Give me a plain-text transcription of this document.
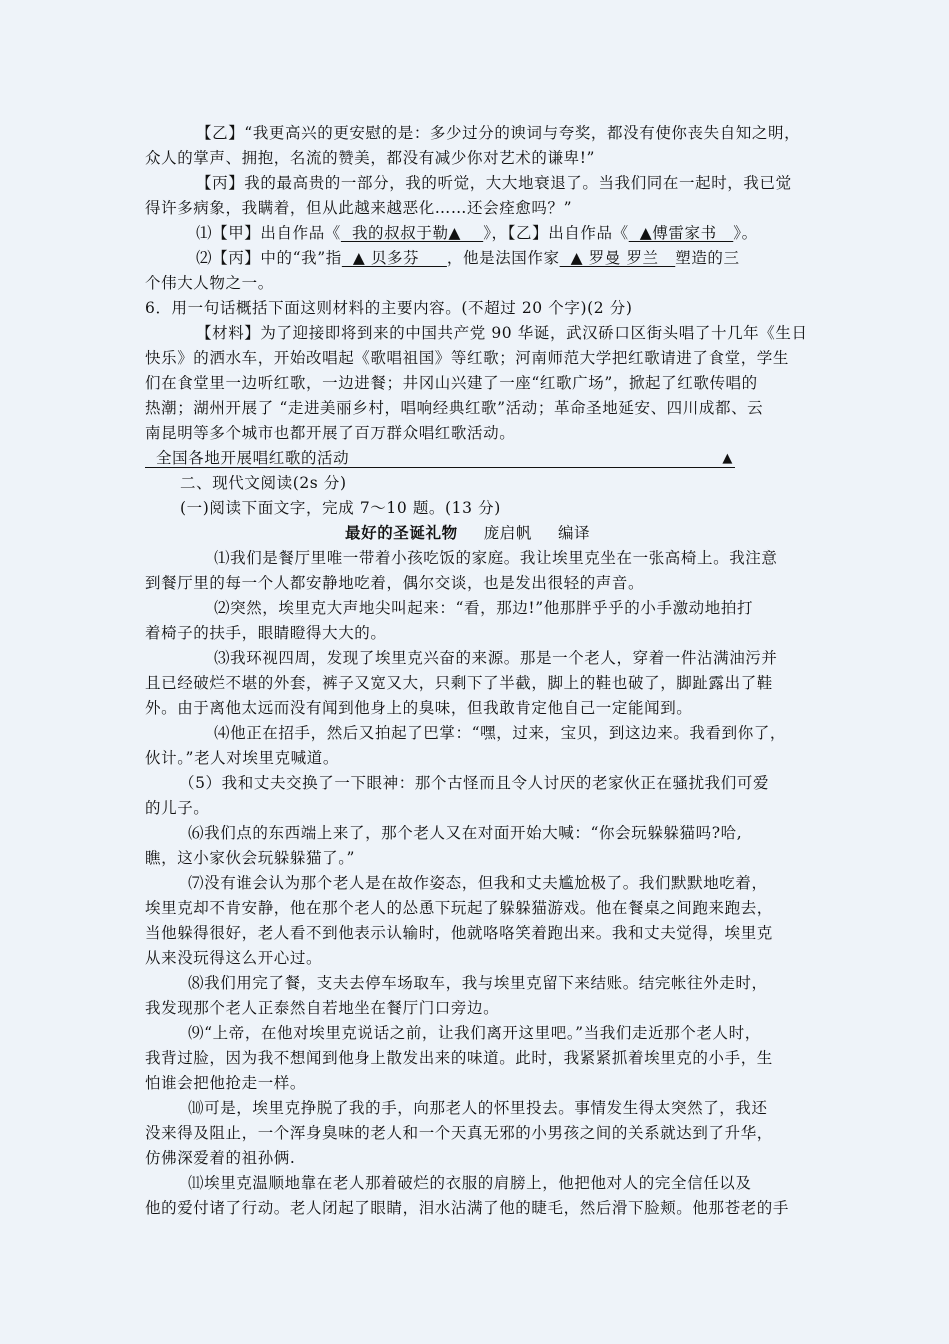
【乙】“我更高兴的更安慰的是：多少过分的谀词与夸奖，都没有使你丧失自知之明，
众人的掌声、拥抱，名流的赞美，都没有减少你对艺术的谦卑!”
【丙】我的最高贵的一部分，我的听觉，大大地衰退了。当我们同在一起时，我已觉
得许多病象，我瞒着，但从此越来越恶化……还会痊愈吗？”
⑴【甲】出自作品《  我的叔叔于勒▲    》，【乙】出自作品《  ▲傅雷家书   》。
⑵【丙】中的“我”指  ▲ 贝多芬     ，他是法国作家  ▲ 罗曼 罗兰   塑造的三
个伟大人物之一。
6．用一句话概括下面这则材料的主要内容。(不超过 20 个字)(2 分)
【材料】为了迎接即将到来的中国共产党 90 华诞，武汉硚口区街头唱了十几年《生日
快乐》的洒水车，开始改唱起《歌唱祖国》等红歌；河南师范大学把红歌请进了食堂，学生
们在食堂里一边听红歌，一边进餐；井冈山兴建了一座“红歌广场”，掀起了红歌传唱的
热潮；湖州开展了 “走进美丽乡村，唱响经典红歌”活动；革命圣地延安、四川成都、云
南昆明等多个城市也都开展了百万群众唱红歌活动。
全国各地开展唱红歌的活动	▲
二、现代文阅读(2s 分)
(一)阅读下面文字，完成 7～10 题。(13 分)
最好的圣诞礼物 庞启帆 编译
⑴我们是餐厅里唯一带着小孩吃饭的家庭。我让埃里克坐在一张高椅上。我注意
到餐厅里的每一个人都安静地吃着，偶尔交谈，也是发出很轻的声音。
⑵突然，埃里克大声地尖叫起来：“看，那边!”他那胖乎乎的小手激动地拍打
着椅子的扶手，眼睛瞪得大大的。
⑶我环视四周，发现了埃里克兴奋的来源。那是一个老人，穿着一件沾满油污并
且已经破烂不堪的外套，裤子又宽又大，只剩下了半截，脚上的鞋也破了，脚趾露出了鞋
外。由于离他太远而没有闻到他身上的臭味，但我敢肯定他自己一定能闻到。
⑷他正在招手，然后又拍起了巴掌：“嘿，过来，宝贝，到这边来。我看到你了，
伙计。”老人对埃里克喊道。
（5）我和丈夫交换了一下眼神：那个古怪而且令人讨厌的老家伙正在骚扰我们可爱
的儿子。
⑹我们点的东西端上来了，那个老人又在对面开始大喊：“你会玩躲躲猫吗?哈,
瞧，这小家伙会玩躲躲猫了。”
⑺没有谁会认为那个老人是在故作姿态，但我和丈夫尴尬极了。我们默默地吃着，
埃里克却不肯安静，他在那个老人的怂恿下玩起了躲躲猫游戏。他在餐桌之间跑来跑去，
当他躲得很好，老人看不到他表示认输时，他就咯咯笑着跑出来。我和丈夫觉得，埃里克
从来没玩得这么开心过。
⑻我们用完了餐，支夫去停车场取车，我与埃里克留下来结账。结完帐往外走时，
我发现那个老人正泰然自若地坐在餐厅门口旁边。
⑼“上帝，在他对埃里克说话之前，让我们离开这里吧。”当我们走近那个老人时，
我背过脸，因为我不想闻到他身上散发出来的味道。此时，我紧紧抓着埃里克的小手，生
怕谁会把他抢走一样。
⑽可是，埃里克挣脱了我的手，向那老人的怀里投去。事情发生得太突然了，我还
没来得及阻止，一个浑身臭味的老人和一个天真无邪的小男孩之间的关系就达到了升华，
仿佛深爱着的祖孙俩.
⑾埃里克温顺地靠在老人那着破烂的衣服的肩膀上，他把他对人的完全信任以及
他的爱付诸了行动。老人闭起了眼睛，泪水沾满了他的睫毛，然后滑下脸颊。他那苍老的手
